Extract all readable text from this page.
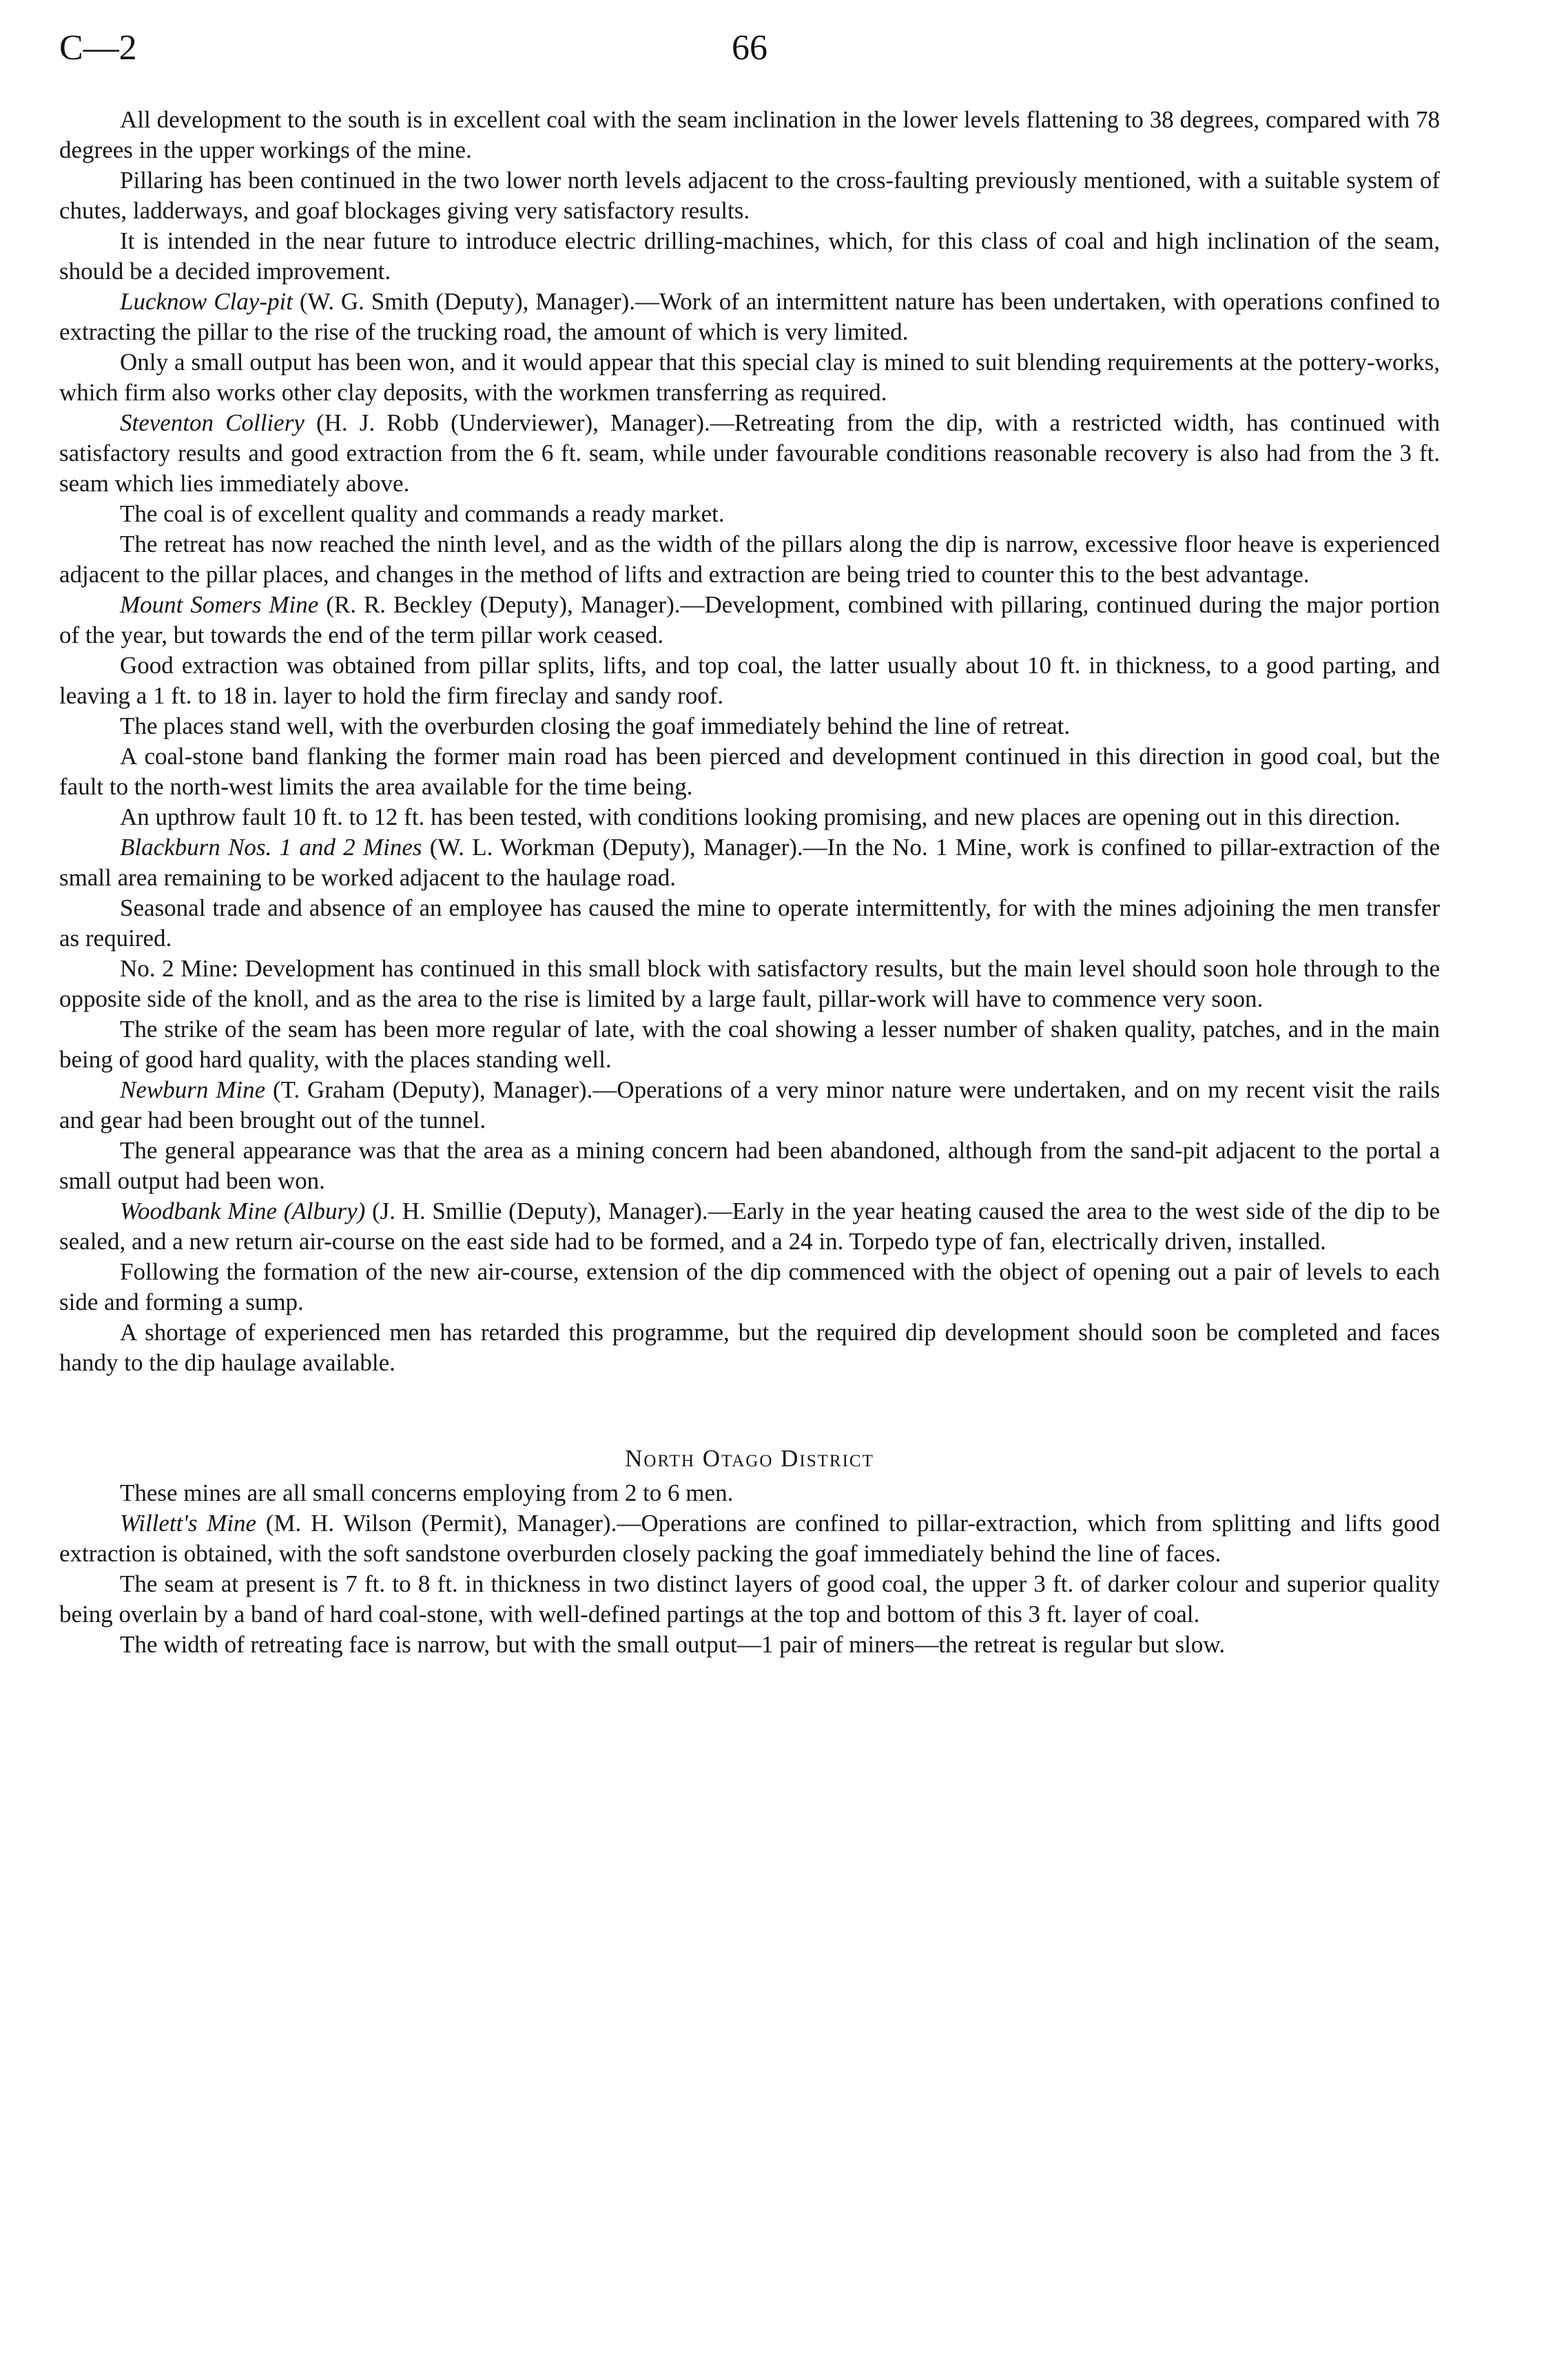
C—2	66

All development to the south is in excellent coal with the seam inclination in the lower levels flattening to 38 degrees, compared with 78 degrees in the upper workings of the mine.

Pillaring has been continued in the two lower north levels adjacent to the cross-faulting previously mentioned, with a suitable system of chutes, ladderways, and goaf blockages giving very satisfactory results.

It is intended in the near future to introduce electric drilling-machines, which, for this class of coal and high inclination of the seam, should be a decided improvement.

Lucknow Clay-pit (W. G. Smith (Deputy), Manager).—Work of an intermittent nature has been undertaken, with operations confined to extracting the pillar to the rise of the trucking road, the amount of which is very limited.

Only a small output has been won, and it would appear that this special clay is mined to suit blending requirements at the pottery-works, which firm also works other clay deposits, with the workmen transferring as required.

Steventon Colliery (H. J. Robb (Underviewer), Manager).—Retreating from the dip, with a restricted width, has continued with satisfactory results and good extraction from the 6 ft. seam, while under favourable conditions reasonable recovery is also had from the 3 ft. seam which lies immediately above.

The coal is of excellent quality and commands a ready market.

The retreat has now reached the ninth level, and as the width of the pillars along the dip is narrow, excessive floor heave is experienced adjacent to the pillar places, and changes in the method of lifts and extraction are being tried to counter this to the best advantage.

Mount Somers Mine (R. R. Beckley (Deputy), Manager).—Development, combined with pillaring, continued during the major portion of the year, but towards the end of the term pillar work ceased.

Good extraction was obtained from pillar splits, lifts, and top coal, the latter usually about 10 ft. in thickness, to a good parting, and leaving a 1 ft. to 18 in. layer to hold the firm fireclay and sandy roof.

The places stand well, with the overburden closing the goaf immediately behind the line of retreat.

A coal-stone band flanking the former main road has been pierced and development continued in this direction in good coal, but the fault to the north-west limits the area available for the time being.

An upthrow fault 10 ft. to 12 ft. has been tested, with conditions looking promising, and new places are opening out in this direction.

Blackburn Nos. 1 and 2 Mines (W. L. Workman (Deputy), Manager).—In the No. 1 Mine, work is confined to pillar-extraction of the small area remaining to be worked adjacent to the haulage road.

Seasonal trade and absence of an employee has caused the mine to operate intermittently, for with the mines adjoining the men transfer as required.

No. 2 Mine: Development has continued in this small block with satisfactory results, but the main level should soon hole through to the opposite side of the knoll, and as the area to the rise is limited by a large fault, pillar-work will have to commence very soon.

The strike of the seam has been more regular of late, with the coal showing a lesser number of shaken quality, patches, and in the main being of good hard quality, with the places standing well.

Newburn Mine (T. Graham (Deputy), Manager).—Operations of a very minor nature were undertaken, and on my recent visit the rails and gear had been brought out of the tunnel.

The general appearance was that the area as a mining concern had been abandoned, although from the sand-pit adjacent to the portal a small output had been won.

Woodbank Mine (Albury) (J. H. Smillie (Deputy), Manager).—Early in the year heating caused the area to the west side of the dip to be sealed, and a new return air-course on the east side had to be formed, and a 24 in. Torpedo type of fan, electrically driven, installed.

Following the formation of the new air-course, extension of the dip commenced with the object of opening out a pair of levels to each side and forming a sump.

A shortage of experienced men has retarded this programme, but the required dip development should soon be completed and faces handy to the dip haulage available.

North Otago District

These mines are all small concerns employing from 2 to 6 men.

Willett's Mine (M. H. Wilson (Permit), Manager).—Operations are confined to pillar-extraction, which from splitting and lifts good extraction is obtained, with the soft sandstone overburden closely packing the goaf immediately behind the line of faces.

The seam at present is 7 ft. to 8 ft. in thickness in two distinct layers of good coal, the upper 3 ft. of darker colour and superior quality being overlain by a band of hard coal-stone, with well-defined partings at the top and bottom of this 3 ft. layer of coal.

The width of retreating face is narrow, but with the small output—1 pair of miners—the retreat is regular but slow.
